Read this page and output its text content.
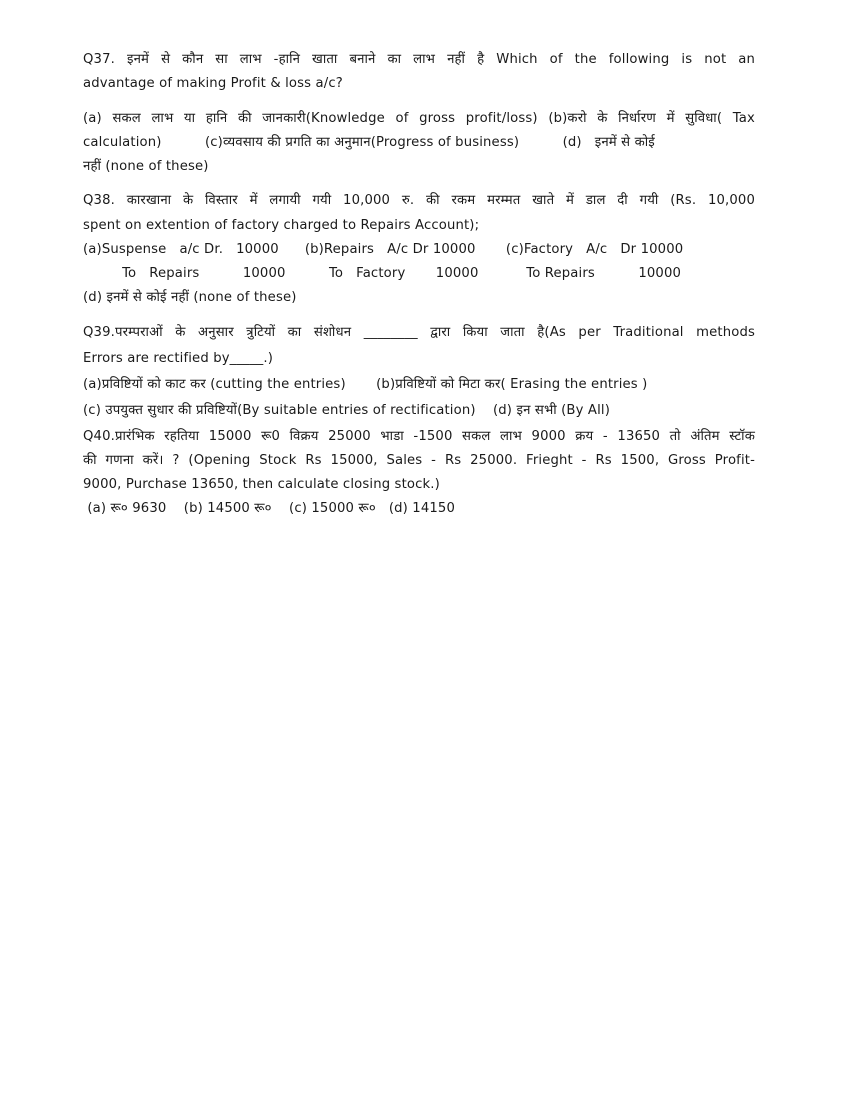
Q37. इनमें से कौन सा लाभ -हानि खाता बनाने का लाभ नहीं है Which of the following is not an
advantage of making Profit & loss a/c?
(a) सकल लाभ या हानि की जानकारी(Knowledge of gross profit/loss) (b)करो के निर्धारण में सुविधा( Tax
calculation)          (c)व्यवसाय की प्रगति का अनुमान(Progress of business)          (d)   इनमें से कोई
नहीं (none of these)
Q38. कारखाना के विस्तार में लगायी गयी 10,000 रु. की रकम मरम्मत खाते में डाल दी गयी (Rs. 10,000
spent on extention of factory charged to Repairs Account);
(a)Suspense   a/c Dr.   10000      (b)Repairs   A/c Dr 10000       (c)Factory   A/c   Dr 10000
To   Repairs          10000          To   Factory       10000           To Repairs          10000
(d) इनमें से कोई नहीं (none of these)
Q39.परम्पराओं के अनुसार त्रुटियों का संशोधन ________ द्वारा किया जाता है(As per Traditional methods
Errors are rectified by_____.)
(a)प्रविष्टियों को काट कर (cutting the entries)       (b)प्रविष्टियों को मिटा कर( Erasing the entries )
(c) उपयुक्त सुधार की प्रविष्टियों(By suitable entries of rectification)    (d) इन सभी (By All)
Q40.प्रारंभिक रहतिया 15000 रू0 विक्रय 25000 भाडा -1500 सकल लाभ 9000 क्रय - 13650 तो अंतिम स्टॉक
की गणना करें। ? (Opening Stock Rs 15000, Sales - Rs 25000. Frieght - Rs 1500, Gross Profit-
9000, Purchase 13650, then calculate closing stock.)
(a) रू० 9630    (b) 14500 रू०    (c) 15000 रू०   (d) 14150
